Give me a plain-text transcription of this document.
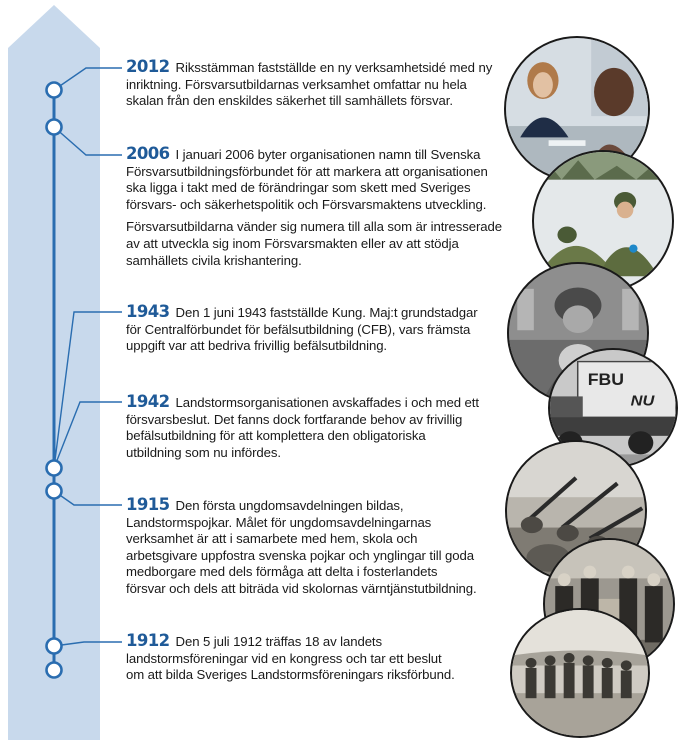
2012 Riksstämman fastställde en ny verksamhetsidé med ny inriktning. Försvarsutbildarnas verksamhet omfattar nu hela skalan från den enskildes säkerhet till samhällets försvar.

2006 I januari 2006 byter organisationen namn till Svenska Försvarsutbildningsförbundet för att markera att organisationen ska ligga i takt med de förändringar som skett med Sveriges försvars- och säkerhetspolitik och Försvarsmaktens utveckling.

Försvarsutbildarna vänder sig numera till alla som är intresserade av att utveckla sig inom Försvarsmakten eller av att stödja samhällets civila krishantering.

1943 Den 1 juni 1943 fastställde Kung. Maj:t grundstadgar för Centralförbundet för befälsutbildning (CFB), vars främsta uppgift var att bedriva frivillig befälsutbildning.

1942 Landstormsorganisationen avskaffades i och med ett försvarsbeslut. Det fanns dock fortfarande behov av frivillig befälsutbildning för att komplettera den obligatoriska utbildning som nu infördes.

1915 Den första ungdomsavdelningen bildas, Landstormspojkar. Målet för ungdomsavdelningarnas verksamhet är att i samarbete med hem, skola och arbetsgivare uppfostra svenska pojkar och ynglingar till goda medborgare med dels förmåga att delta i fosterlandets försvar och dels att biträda vid skolornas värntjänstutbildning.

1912 Den 5 juli 1912 träffas 18 av landets landstormsföreningar vid en kongress och tar ett beslut om att bilda Sveriges Landstormsföreningars riksförbund.

FBU
NU
